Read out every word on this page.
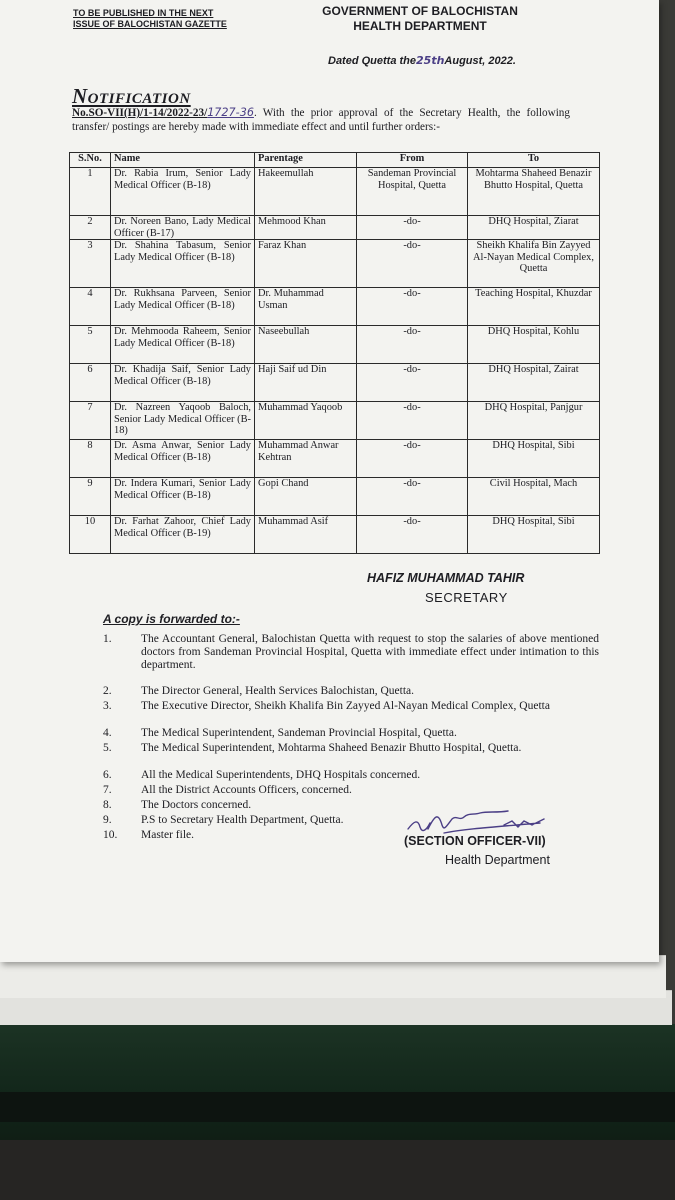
TO BE PUBLISHED IN THE NEXT
ISSUE OF BALOCHISTAN GAZETTE
GOVERNMENT OF BALOCHISTAN
HEALTH DEPARTMENT
Dated Quetta the25thAugust, 2022.
Notification
No.SO-VII(H)/1-14/2022-23/1727-36. With the prior approval of the Secretary Health, the following transfer/ postings are hereby made with immediate effect and until further orders:-
S.No.	Name	Parentage	From	To
1	Dr. Rabia Irum, Senior Lady Medical Officer (B-18)	Hakeemullah	Sandeman Provincial Hospital, Quetta	Mohtarma Shaheed Benazir Bhutto Hospital, Quetta
2	Dr. Noreen Bano, Lady Medical Officer (B-17)	Mehmood Khan	-do-	DHQ Hospital, Ziarat
3	Dr. Shahina Tabasum, Senior Lady Medical Officer (B-18)	Faraz Khan	-do-	Sheikh Khalifa Bin Zayyed Al-Nayan Medical Complex, Quetta
4	Dr. Rukhsana Parveen, Senior Lady Medical Officer (B-18)	Dr. Muhammad Usman	-do-	Teaching Hospital, Khuzdar
5	Dr. Mehmooda Raheem, Senior Lady Medical Officer (B-18)	Naseebullah	-do-	DHQ Hospital, Kohlu
6	Dr. Khadija Saif, Senior Lady Medical Officer (B-18)	Haji Saif ud Din	-do-	DHQ Hospital, Zairat
7	Dr. Nazreen Yaqoob Baloch, Senior Lady Medical Officer (B-18)	Muhammad Yaqoob	-do-	DHQ Hospital, Panjgur
8	Dr. Asma Anwar, Senior Lady Medical Officer (B-18)	Muhammad Anwar Kehtran	-do-	DHQ Hospital, Sibi
9	Dr. Indera Kumari, Senior Lady Medical Officer (B-18)	Gopi Chand	-do-	Civil Hospital, Mach
10	Dr. Farhat Zahoor, Chief Lady Medical Officer (B-19)	Muhammad Asif	-do-	DHQ Hospital, Sibi
HAFIZ MUHAMMAD TAHIR
SECRETARY
A copy is forwarded to:-
1.	The Accountant General, Balochistan Quetta with request to stop the salaries of above mentioned doctors from Sandeman Provincial Hospital, Quetta with immediate effect under intimation to this department.
2.	The Director General, Health Services Balochistan, Quetta.
3.	The Executive Director, Sheikh Khalifa Bin Zayyed Al-Nayan Medical Complex, Quetta
4.	The Medical Superintendent, Sandeman Provincial Hospital, Quetta.
5.	The Medical Superintendent, Mohtarma Shaheed Benazir Bhutto Hospital, Quetta.
6.	All the Medical Superintendents, DHQ Hospitals concerned.
7.	All the District Accounts Officers, concerned.
8.	The Doctors concerned.
9.	P.S to Secretary Health Department, Quetta.
10.	Master file.	(SECTION OFFICER-VII)
Health Department
